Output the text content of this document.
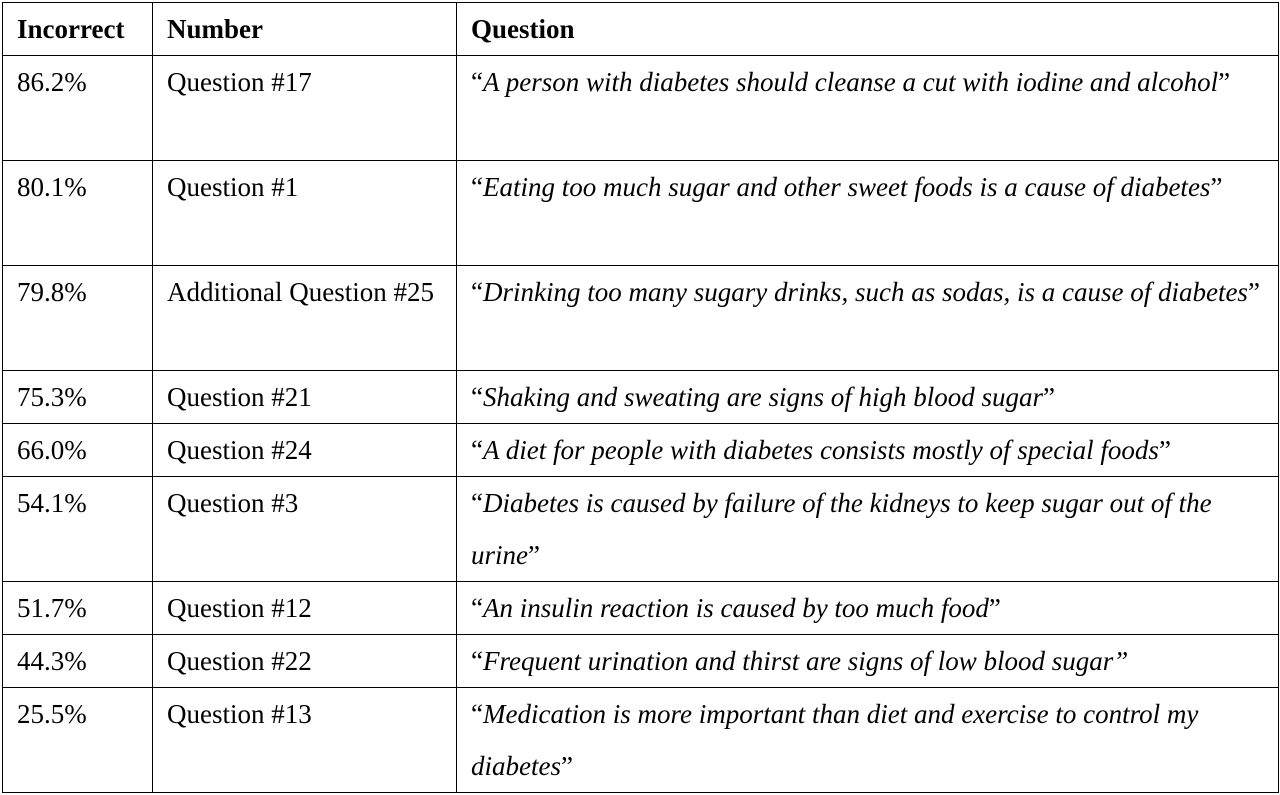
Incorrect	Number	Question
86.2%	Question #17	“A person with diabetes should cleanse a cut with iodine and alcohol”
80.1%	Question #1	“Eating too much sugar and other sweet foods is a cause of diabetes”
79.8%	Additional Question #25	“Drinking too many sugary drinks, such as sodas, is a cause of diabetes”
75.3%	Question #21	“Shaking and sweating are signs of high blood sugar”
66.0%	Question #24	“A diet for people with diabetes consists mostly of special foods”
54.1%	Question #3	“Diabetes is caused by failure of the kidneys to keep sugar out of the urine”
51.7%	Question #12	“An insulin reaction is caused by too much food”
44.3%	Question #22	“Frequent urination and thirst are signs of low blood sugar”
25.5%	Question #13	“Medication is more important than diet and exercise to control my diabetes”
